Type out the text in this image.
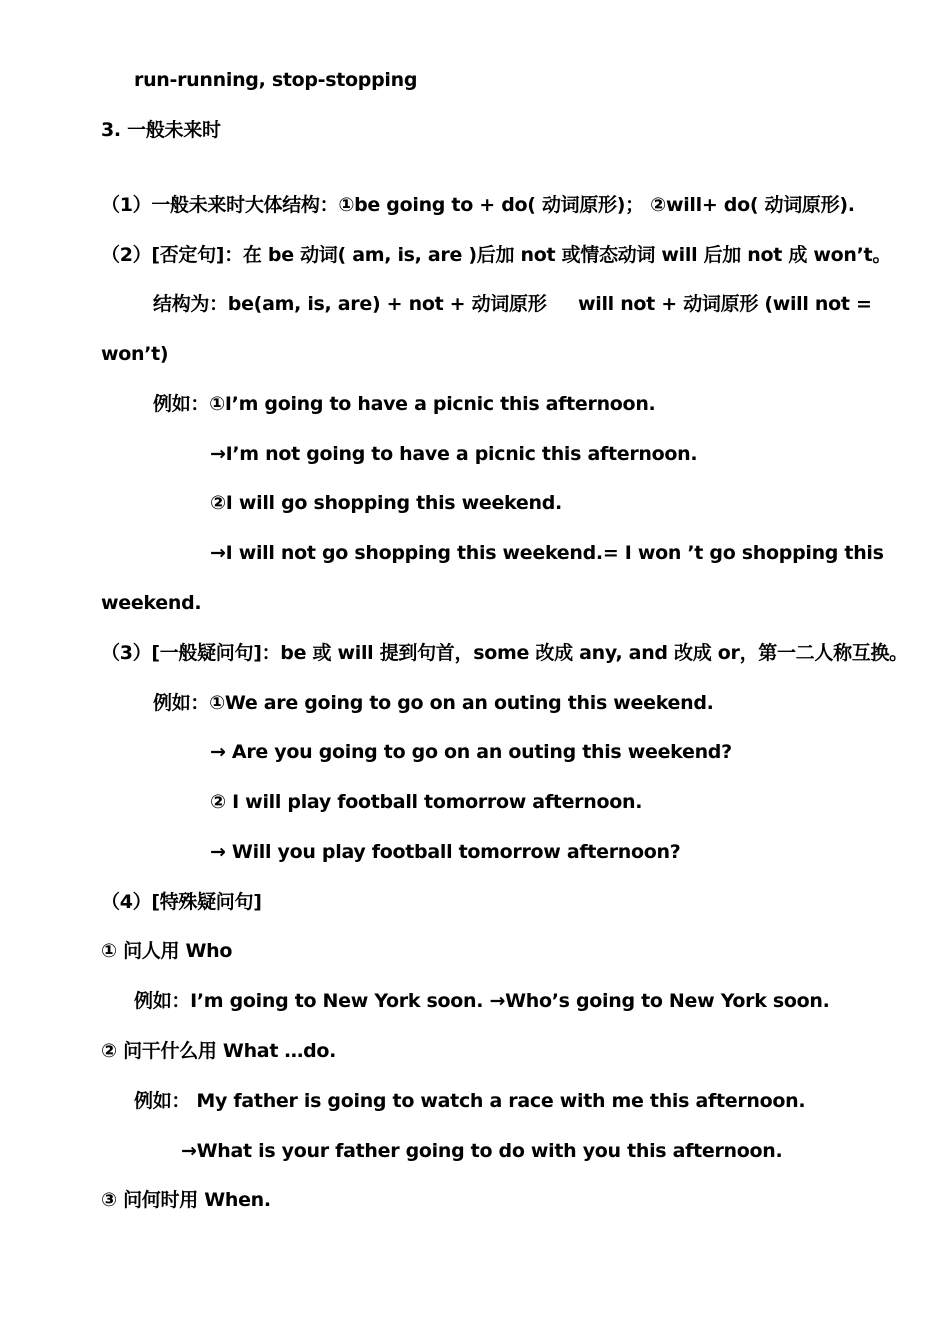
run-running, stop-stopping
3. 一般未来时
（1）一般未来时大体结构：①be going to + do( 动词原形)； ②will+ do( 动词原形).
（2）[否定句]：在 be 动词( am, is, are )后加 not 或情态动词 will 后加 not 成 won’t。
结构为：be(am, is, are) + not + 动词原形 will not + 动词原形 (will not =
won’t)
例如：①I’m going to have a picnic this afternoon.
→I’m not going to have a picnic this afternoon.
②I will go shopping this weekend.
→I will not go shopping this weekend.= I won ’t go shopping this
weekend.
（3）[一般疑问句]：be 或 will 提到句首，some 改成 any, and 改成 or，第一二人称互换。
例如：①We are going to go on an outing this weekend.
→ Are you going to go on an outing this weekend?
② I will play football tomorrow afternoon.
→ Will you play football tomorrow afternoon?
（4）[特殊疑问句]
① 问人用 Who
例如：I’m going to New York soon. →Who’s going to New York soon.
② 问干什么用 What …do.
例如： My father is going to watch a race with me this afternoon.
→What is your father going to do with you this afternoon.
③ 问何时用 When.
